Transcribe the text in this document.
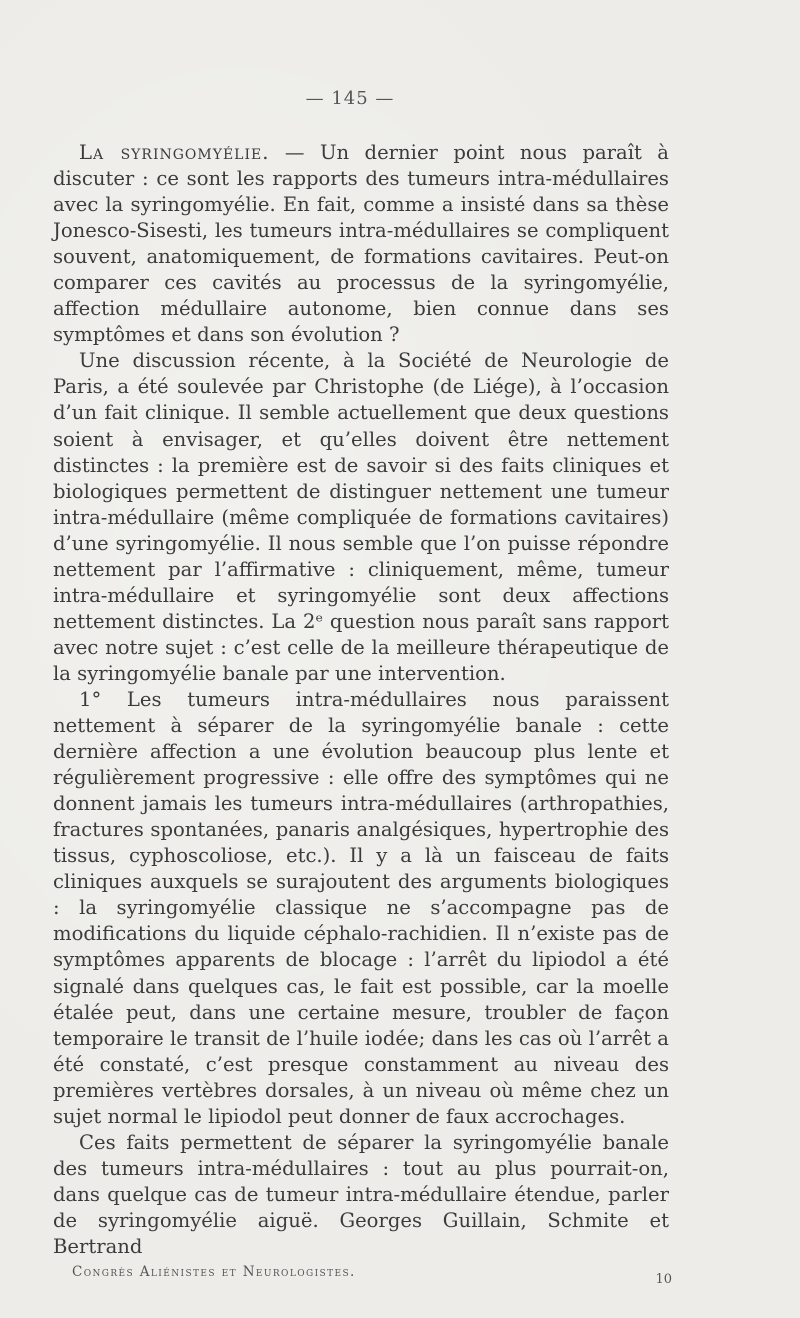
— 145 —

La syringomyélie. — Un dernier point nous paraît à discuter : ce sont les rapports des tumeurs intra-médullaires avec la syringomyélie. En fait, comme a insisté dans sa thèse Jonesco-Sisesti, les tumeurs intra-médullaires se compliquent souvent, anatomiquement, de formations cavitaires. Peut-on comparer ces cavités au processus de la syringomyélie, affection médullaire autonome, bien connue dans ses symptômes et dans son évolution ?

Une discussion récente, à la Société de Neurologie de Paris, a été soulevée par Christophe (de Liége), à l’occasion d’un fait clinique. Il semble actuellement que deux questions soient à envisager, et qu’elles doivent être nettement distinctes : la première est de savoir si des faits cliniques et biologiques permettent de distinguer nettement une tumeur intra-médullaire (même compliquée de formations cavitaires) d’une syringomyélie. Il nous semble que l’on puisse répondre nettement par l’affirmative : cliniquement, même, tumeur intra-médullaire et syringomyélie sont deux affections nettement distinctes. La 2ᵉ question nous paraît sans rapport avec notre sujet : c’est celle de la meilleure thérapeutique de la syringomyélie banale par une intervention.

1° Les tumeurs intra-médullaires nous paraissent nettement à séparer de la syringomyélie banale : cette dernière affection a une évolution beaucoup plus lente et régulièrement progressive : elle offre des symptômes qui ne donnent jamais les tumeurs intra-médullaires (arthropathies, fractures spontanées, panaris analgésiques, hypertrophie des tissus, cyphoscoliose, etc.). Il y a là un faisceau de faits cliniques auxquels se surajoutent des arguments biologiques : la syringomyélie classique ne s’accompagne pas de modifications du liquide céphalo-rachidien. Il n’existe pas de symptômes apparents de blocage : l’arrêt du lipiodol a été signalé dans quelques cas, le fait est possible, car la moelle étalée peut, dans une certaine mesure, troubler de façon temporaire le transit de l’huile iodée; dans les cas où l’arrêt a été constaté, c’est presque constamment au niveau des premières vertèbres dorsales, à un niveau où même chez un sujet normal le lipiodol peut donner de faux accrochages.

Ces faits permettent de séparer la syringomyélie banale des tumeurs intra-médullaires : tout au plus pourrait-on, dans quelque cas de tumeur intra-médullaire étendue, parler de syringomyélie aiguë. Georges Guillain, Schmite et Bertrand

Congrès Aliénistes et Neurologistes.	10
